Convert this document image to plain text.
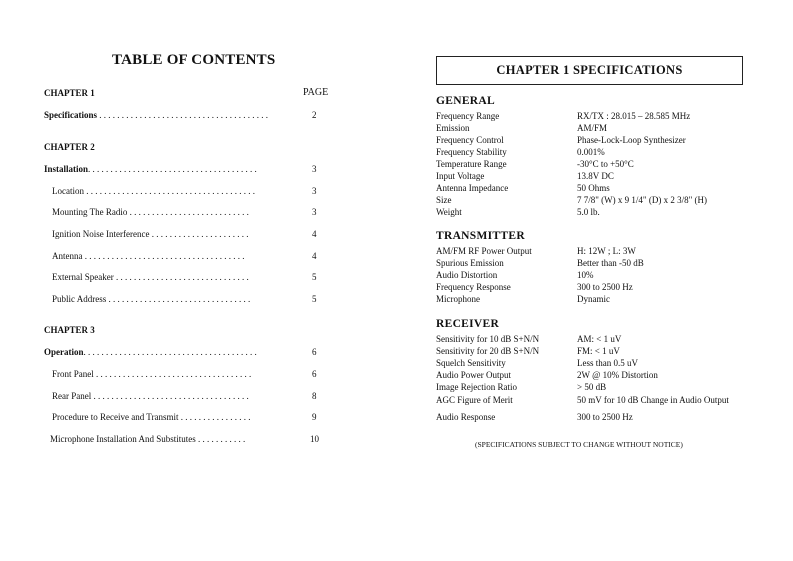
TABLE OF CONTENTS
PAGE
CHAPTER 1
Specifications . . . . . . . . . . . . . . . . . . . . . . . . . . . . . . . . . . . . . .	2
CHAPTER 2
Installation. . . . . . . . . . . . . . . . . . . . . . . . . . . . . . . . . . . . . .	3
Location . . . . . . . . . . . . . . . . . . . . . . . . . . . . . . . . . . . . . .	3
Mounting The Radio . . . . . . . . . . . . . . . . . . . . . . . . . . .	3
Ignition Noise Interference . . . . . . . . . . . . . . . . . . . . . .	4
Antenna . . . . . . . . . . . . . . . . . . . . . . . . . . . . . . . . . . . .	4
External Speaker . . . . . . . . . . . . . . . . . . . . . . . . . . . . . .	5
Public Address . . . . . . . . . . . . . . . . . . . . . . . . . . . . . . . .	5
CHAPTER 3
Operation. . . . . . . . . . . . . . . . . . . . . . . . . . . . . . . . . . . . . . .	6
Front Panel . . . . . . . . . . . . . . . . . . . . . . . . . . . . . . . . . . .	6
Rear Panel . . . . . . . . . . . . . . . . . . . . . . . . . . . . . . . . . . .	8
Procedure to Receive and Transmit . . . . . . . . . . . . . . . .	9
Microphone Installation And Substitutes . . . . . . . . . . .	10
CHAPTER 1 SPECIFICATIONS
GENERAL
Frequency Range	RX/TX : 28.015 – 28.585 MHz
Emission	AM/FM
Frequency Control	Phase-Lock-Loop Synthesizer
Frequency Stability	0.001%
Temperature Range	-30°C to +50°C
Input Voltage	13.8V DC
Antenna Impedance	50 Ohms
Size	7 7/8" (W) x 9 1/4" (D) x 2 3/8" (H)
Weight	5.0 lb.
TRANSMITTER
AM/FM RF Power Output	H: 12W ; L: 3W
Spurious Emission	Better than -50 dB
Audio Distortion	10%
Frequency Response	300 to 2500 Hz
Microphone	Dynamic
RECEIVER
Sensitivity for 10 dB S+N/N	AM: < 1 uV
Sensitivity for 20 dB S+N/N	FM: < 1 uV
Squelch Sensitivity	Less than 0.5 uV
Audio Power Output	2W @ 10% Distortion
Image Rejection Ratio	> 50 dB
AGC Figure of Merit	50 mV for 10 dB Change in Audio Output
Audio Response	300 to 2500 Hz
(SPECIFICATIONS SUBJECT TO CHANGE WITHOUT NOTICE)
